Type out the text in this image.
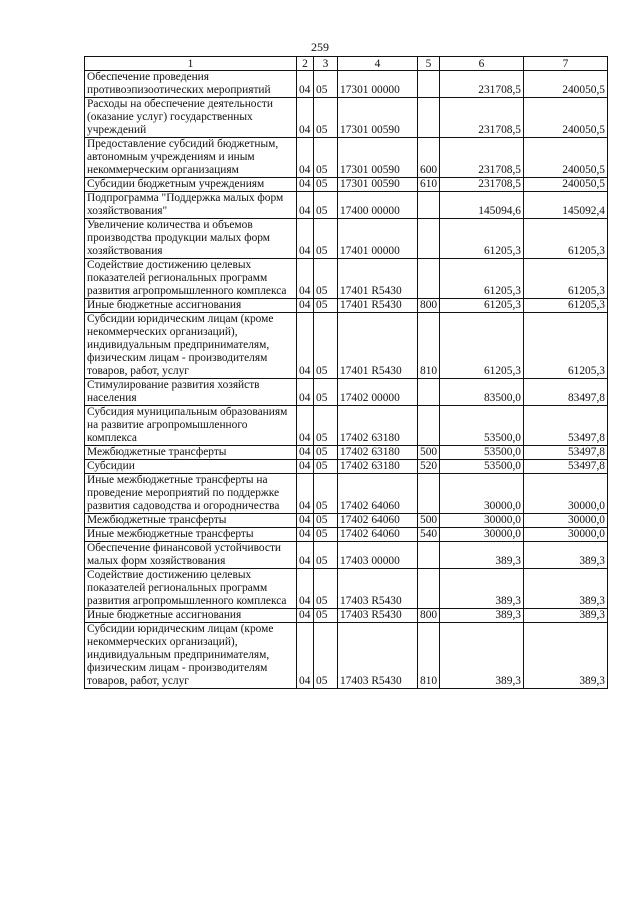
259
1	2	3	4	5	6	7
Обеспечение проведения противоэпизоотических мероприятий	04	05	17301 00000		231708,5	240050,5
Расходы на обеспечение деятельности (оказание услуг) государственных учреждений	04	05	17301 00590		231708,5	240050,5
Предоставление субсидий бюджетным, автономным учреждениям и иным некоммерческим организациям	04	05	17301 00590	600	231708,5	240050,5
Субсидии бюджетным учреждениям	04	05	17301 00590	610	231708,5	240050,5
Подпрограмма "Поддержка малых форм хозяйствования"	04	05	17400 00000		145094,6	145092,4
Увеличение количества и объемов производства продукции малых форм хозяйствования	04	05	17401 00000		61205,3	61205,3
Содействие достижению целевых показателей региональных программ развития агропромышленного комплекса	04	05	17401 R5430		61205,3	61205,3
Иные бюджетные ассигнования	04	05	17401 R5430	800	61205,3	61205,3
Субсидии юридическим лицам (кроме некоммерческих организаций), индивидуальным предпринимателям, физическим лицам - производителям товаров, работ, услуг	04	05	17401 R5430	810	61205,3	61205,3
Стимулирование развития хозяйств населения	04	05	17402 00000		83500,0	83497,8
Субсидия муниципальным образованиям на развитие агропромышленного комплекса	04	05	17402 63180		53500,0	53497,8
Межбюджетные трансферты	04	05	17402 63180	500	53500,0	53497,8
Субсидии	04	05	17402 63180	520	53500,0	53497,8
Иные межбюджетные трансферты на проведение мероприятий по поддержке развития садоводства и огородничества	04	05	17402 64060		30000,0	30000,0
Межбюджетные трансферты	04	05	17402 64060	500	30000,0	30000,0
Иные межбюджетные трансферты	04	05	17402 64060	540	30000,0	30000,0
Обеспечение финансовой устойчивости малых форм хозяйствования	04	05	17403 00000		389,3	389,3
Содействие достижению целевых показателей региональных программ развития агропромышленного комплекса	04	05	17403 R5430		389,3	389,3
Иные бюджетные ассигнования	04	05	17403 R5430	800	389,3	389,3
Субсидии юридическим лицам (кроме некоммерческих организаций), индивидуальным предпринимателям, физическим лицам - производителям товаров, работ, услуг	04	05	17403 R5430	810	389,3	389,3
